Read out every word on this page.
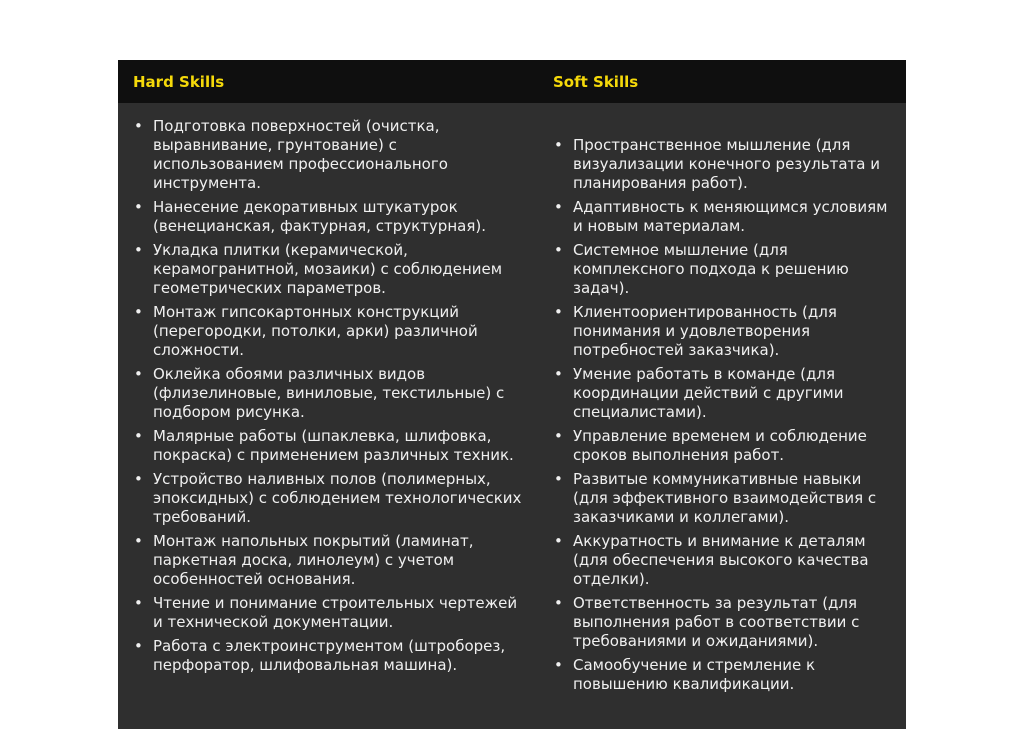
Hard Skills	Soft Skills
• Подготовка поверхностей (очистка, выравнивание, грунтование) с использованием профессионального инструмента.
• Нанесение декоративных штукатурок (венецианская, фактурная, структурная).
• Укладка плитки (керамической, керамогранитной, мозаики) с соблюдением геометрических параметров.
• Монтаж гипсокартонных конструкций (перегородки, потолки, арки) различной сложности.
• Оклейка обоями различных видов (флизелиновые, виниловые, текстильные) с подбором рисунка.
• Малярные работы (шпаклевка, шлифовка, покраска) с применением различных техник.
• Устройство наливных полов (полимерных, эпоксидных) с соблюдением технологических требований.
• Монтаж напольных покрытий (ламинат, паркетная доска, линолеум) с учетом особенностей основания.
• Чтение и понимание строительных чертежей и технической документации.
• Работа с электроинструментом (штроборез, перфоратор, шлифовальная машина).
• Пространственное мышление (для визуализации конечного результата и планирования работ).
• Адаптивность к меняющимся условиям и новым материалам.
• Системное мышление (для комплексного подхода к решению задач).
• Клиентоориентированность (для понимания и удовлетворения потребностей заказчика).
• Умение работать в команде (для координации действий с другими специалистами).
• Управление временем и соблюдение сроков выполнения работ.
• Развитые коммуникативные навыки (для эффективного взаимодействия с заказчиками и коллегами).
• Аккуратность и внимание к деталям (для обеспечения высокого качества отделки).
• Ответственность за результат (для выполнения работ в соответствии с требованиями и ожиданиями).
• Самообучение и стремление к повышению квалификации.
